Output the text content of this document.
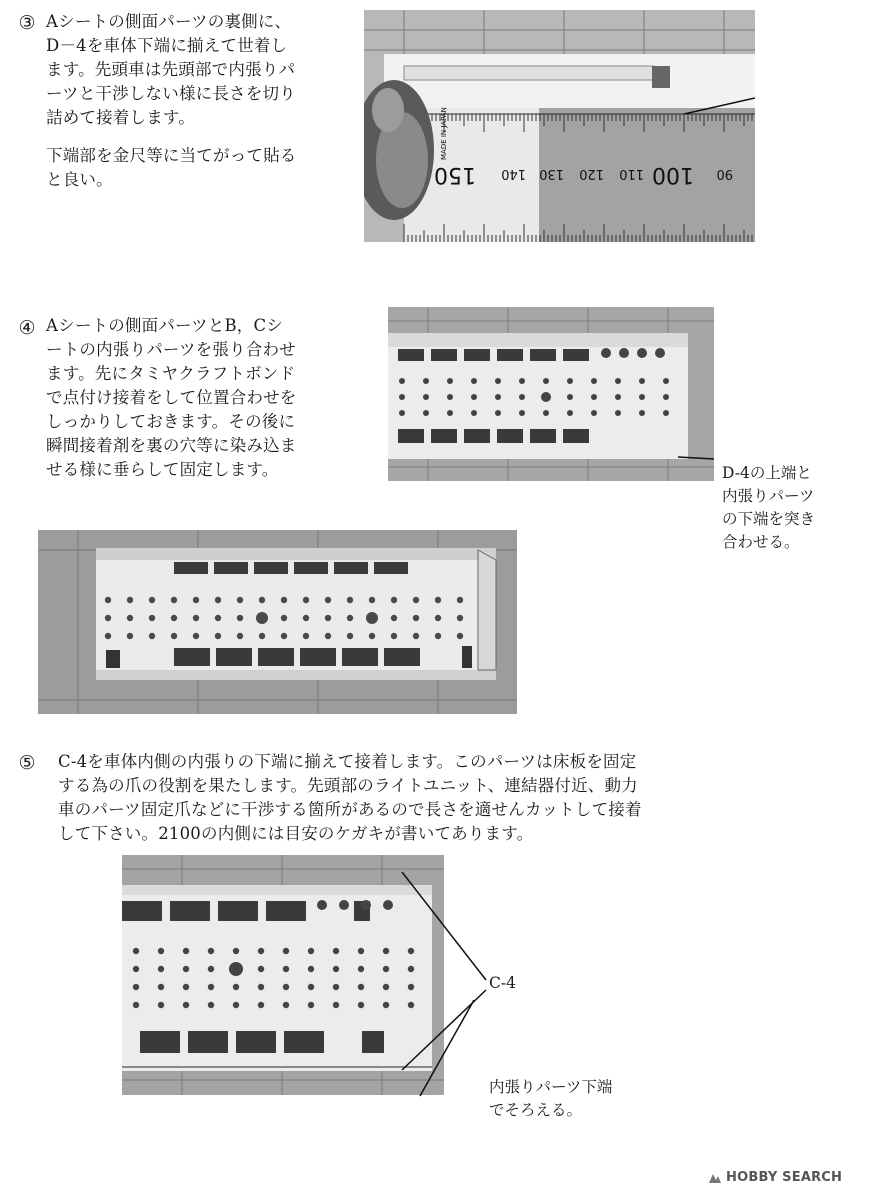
③ Aシートの側面パーツの裏側に、
D－4を車体下端に揃えて世着し
ます。先頭車は先頭部で内張りパ
ーツと干渉しない様に長さを切り
詰めて接着します。
下端部を金尺等に当てがって貼る
と良い。	150 140 130 120 110 100 90
MADE IN JAPAN
④ Aシートの側面パーツとB，Cシ
ートの内張りパーツを張り合わせ
ます。先にタミヤクラフトボンド
で点付け接着をして位置合わせを
しっかりしておきます。その後に
瞬間接着剤を裏の穴等に染み込ま
せる様に垂らして固定します。	D-4の上端と
内張りパーツ
の下端を突き
合わせる。
⑤ C-4を車体内側の内張りの下端に揃えて接着します。このパーツは床板を固定
する為の爪の役割を果たします。先頭部のライトユニット、連結器付近、動力
車のパーツ固定爪などに干渉する箇所があるので長さを適せんカットして接着
して下さい。2100の内側には目安のケガキが書いてあります。
C-4
内張りパーツ下端
でそろえる。
HOBBY SEARCH
